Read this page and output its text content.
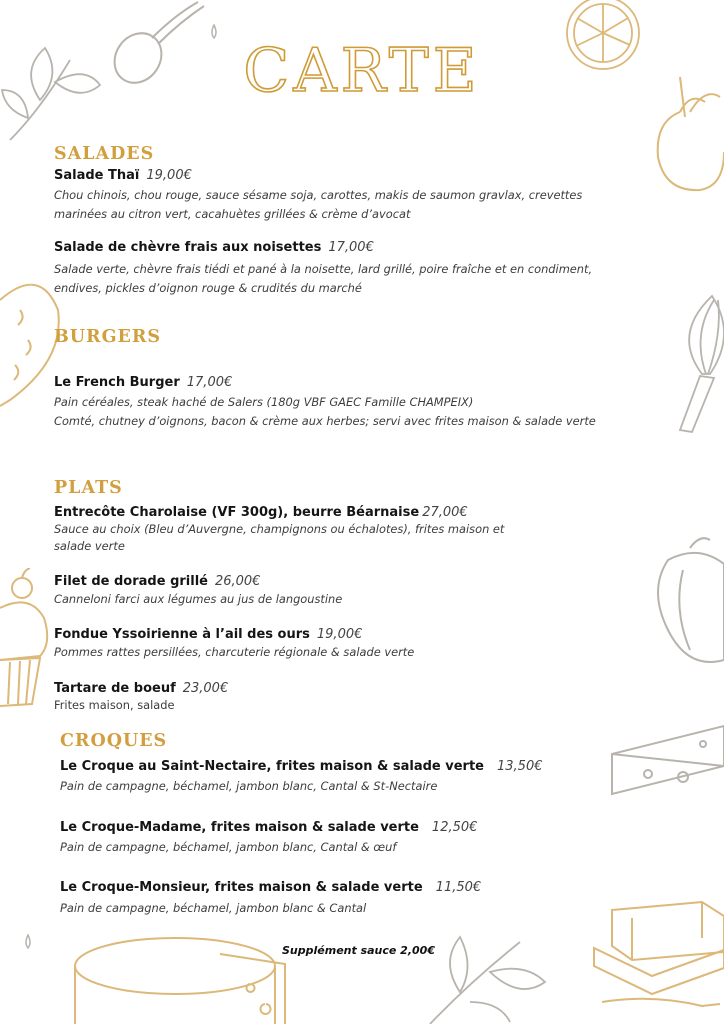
CARTE
SALADES

Salade Thaï 19,00€

Chou chinois, chou rouge, sauce sésame soja, carottes, makis de saumon gravlax, crevettes
marinées au citron vert, cacahuètes grillées & crème d’avocat

Salade de chèvre frais aux noisettes 17,00€

Salade verte, chèvre frais tiédi et pané à la noisette, lard grillé, poire fraîche et en condiment,
endives, pickles d’oignon rouge & crudités du marché

BURGERS

Le French Burger 17,00€

Pain céréales, steak haché de Salers (180g VBF GAEC Famille CHAMPEIX)
Comté, chutney d’oignons, bacon & crème aux herbes; servi avec frites maison & salade verte

PLATS

Entrecôte Charolaise (VF 300g), beurre Béarnaise 27,00€

Sauce au choix (Bleu d’Auvergne, champignons ou échalotes), frites maison et
salade verte

Filet de dorade grillé 26,00€

Canneloni farci aux légumes au jus de langoustine

Fondue Yssoirienne à l’ail des ours 19,00€

Pommes rattes persillées, charcuterie régionale & salade verte

Tartare de boeuf 23,00€

Frites maison, salade

CROQUES

Le Croque au Saint-Nectaire, frites maison & salade verte 13,50€

Pain de campagne, béchamel, jambon blanc, Cantal & St-Nectaire

Le Croque-Madame, frites maison & salade verte 12,50€

Pain de campagne, béchamel, jambon blanc, Cantal & œuf

Le Croque-Monsieur, frites maison & salade verte 11,50€

Pain de campagne, béchamel, jambon blanc & Cantal

Supplément sauce 2,00€
